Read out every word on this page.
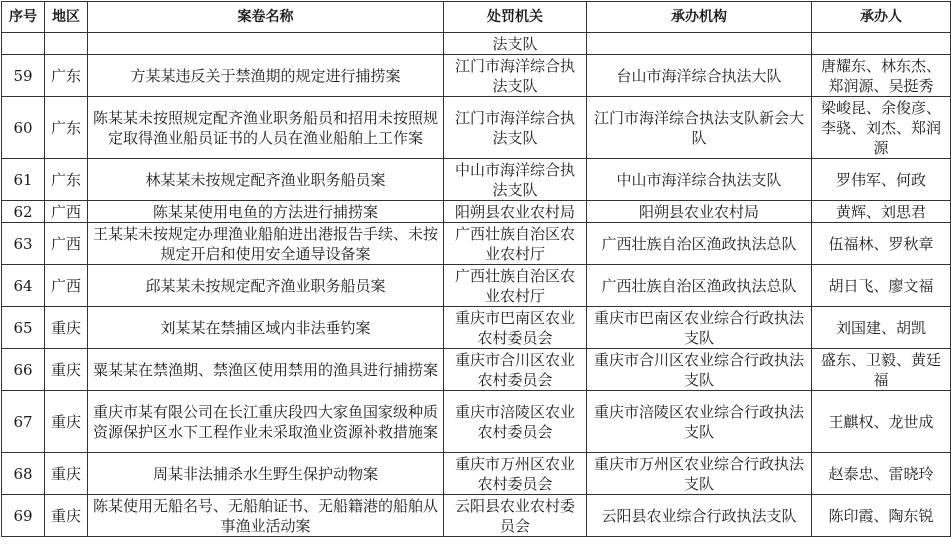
序号	地区	案卷名称	处罚机关	承办机构	承办人
			法支队		
59	广东	方某某违反关于禁渔期的规定进行捕捞案	江门市海洋综合执法支队	台山市海洋综合执法大队	唐耀东、林东杰、郑润源、吴挺秀
60	广东	陈某某未按照规定配齐渔业职务船员和招用未按照规定取得渔业船员证书的人员在渔业船舶上工作案	江门市海洋综合执法支队	江门市海洋综合执法支队新会大队	梁峻昆、余俊彦、李骁、刘杰、郑润源
61	广东	林某某未按规定配齐渔业职务船员案	中山市海洋综合执法支队	中山市海洋综合执法支队	罗伟军、何政
62	广西	陈某某使用电鱼的方法进行捕捞案	阳朔县农业农村局	阳朔县农业农村局	黄辉、刘思君
63	广西	王某某未按规定办理渔业船舶进出港报告手续、未按规定开启和使用安全通导设备案	广西壮族自治区农业农村厅	广西壮族自治区渔政执法总队	伍福林、罗秋章
64	广西	邱某某未按规定配齐渔业职务船员案	广西壮族自治区农业农村厅	广西壮族自治区渔政执法总队	胡日飞、廖文福
65	重庆	刘某某在禁捕区域内非法垂钓案	重庆市巴南区农业农村委员会	重庆市巴南区农业综合行政执法支队	刘国建、胡凯
66	重庆	粟某某在禁渔期、禁渔区使用禁用的渔具进行捕捞案	重庆市合川区农业农村委员会	重庆市合川区农业综合行政执法支队	盛东、卫毅、黄廷福
67	重庆	重庆市某有限公司在长江重庆段四大家鱼国家级种质资源保护区水下工程作业未采取渔业资源补救措施案	重庆市涪陵区农业农村委员会	重庆市涪陵区农业综合行政执法支队	王麒权、龙世成
68	重庆	周某非法捕杀水生野生保护动物案	重庆市万州区农业农村委员会	重庆市万州区农业综合行政执法支队	赵泰忠、雷晓玲
69	重庆	陈某使用无船名号、无船舶证书、无船籍港的船舶从事渔业活动案	云阳县农业农村委员会	云阳县农业综合行政执法支队	陈印霞、陶东锐
